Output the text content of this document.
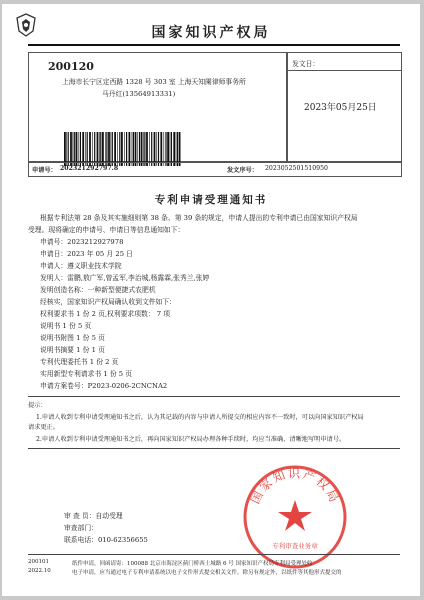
国家知识产权局
200120
上海市长宁区定西路 1328 号 303 室 上海天知阑律师事务所
马丹红(13564913331)
发文日：
2023年05月25日
申请号： 202321292797.8	发文序号： 2023052501510950
专利申请受理通知书
根据专利法第 28 条及其实施细则第 38 条、第 39 条的规定，申请人提出的专利申请已由国家知识产权局
受理。现将确定的申请号、申请日等信息通知如下：
申请号：202321292797​8
申请日：2023 年 05 月 25 日
申请人：遵义职业技术学院
发明人：雷鹏,敖广军,曾孟军,李治城,杨露霖,张秀兰,张婷
发明创造名称：一种新型便捷式农肥机
经核实，国家知识产权局确认收到文件如下：
权利要求书 1 份 2 页,权利要求项数： 7 项
说明书 1 份 5 页
说明书附图 1 份 5 页
说明书摘要 1 份 1 页
专利代理委托书 1 份 2 页
实用新型专利请求书 1 份 5 页
申请方案卷号：P2023-0206-2CNCNA2
提示：
1.申请人收到专利申请受理通知书之后，认为其记载的内容与申请人所提交的相应内容不一致时，可以向国家知识产权局
请求更正。
2.申请人收到专利申请受理通知书之后，再向国家知识产权局办理各种手续时，均应当准确、清晰地写明申请号。
审 查 员：自动受理
审查部门：
联系电话：010-62356655
国家知识产权局
专利审查业务章
200101
2022.10
纸件申请，回函请寄：100088 北京市海淀区蓟门桥西土城路 6 号 国家知识产权局专利局受理处收
电子申请，应当通过电子专利申请系统以电子文件形式提交相关文件。除另有规定外，以纸件等其他形式提交的
